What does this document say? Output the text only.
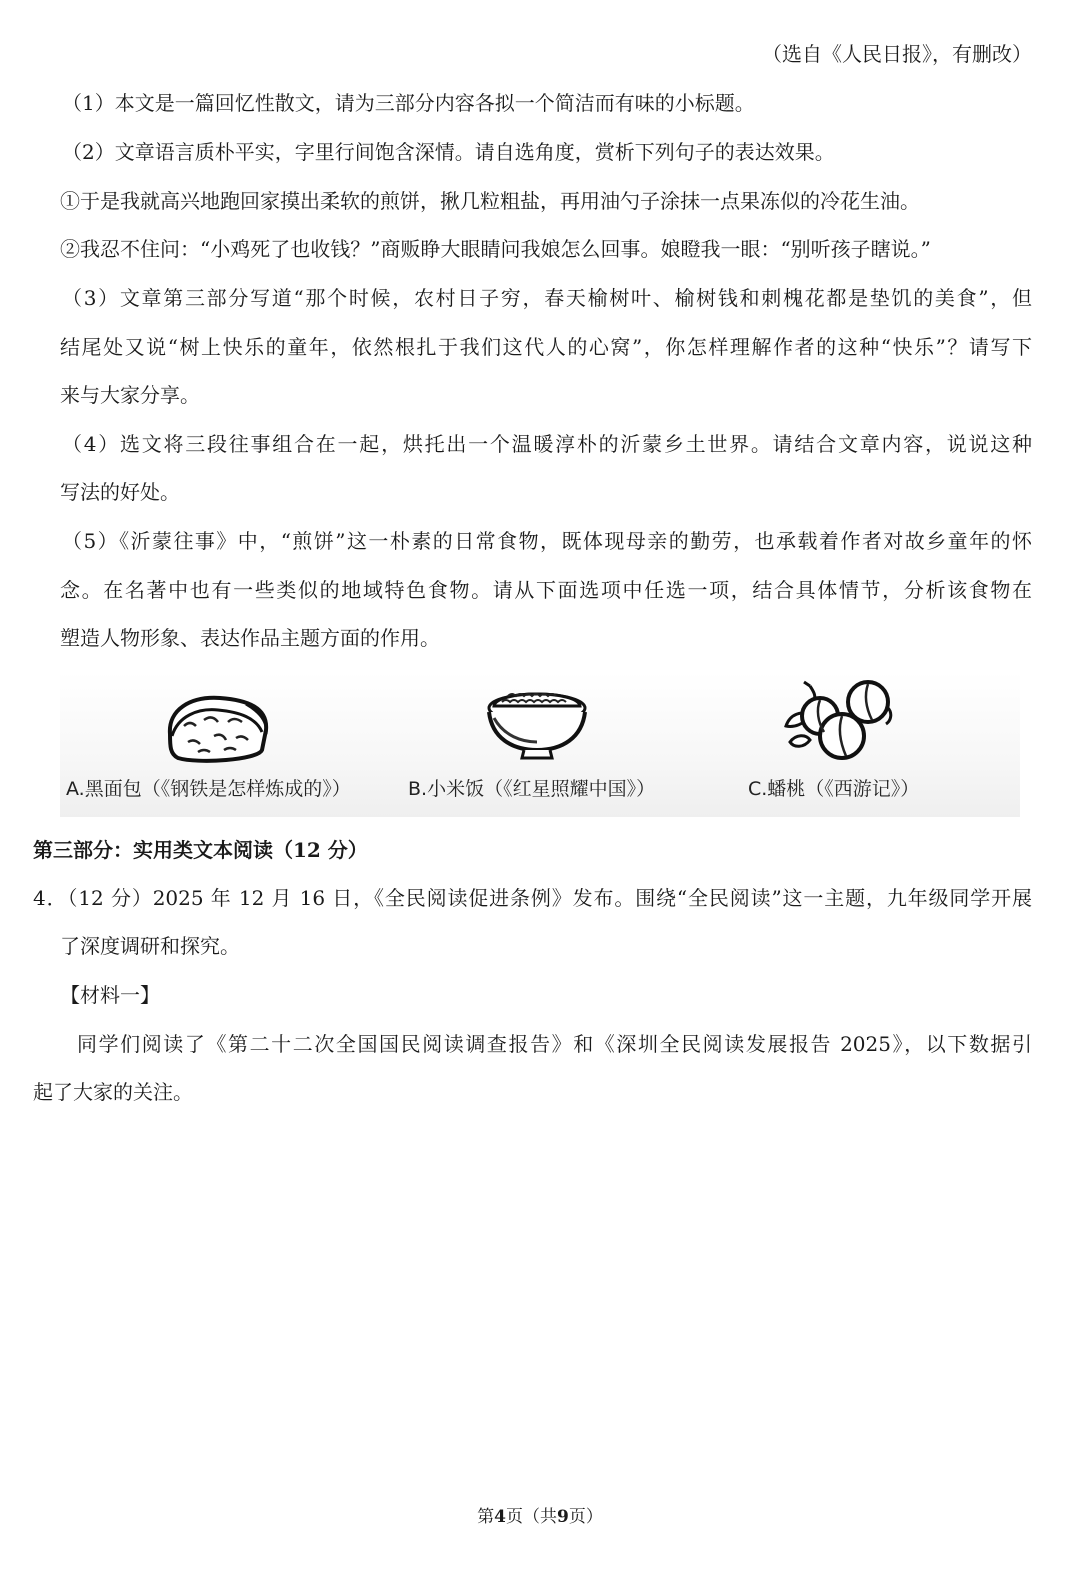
（选自《人民日报》，有删改）
（1）本文是一篇回忆性散文，请为三部分内容各拟一个简洁而有味的小标题。
（2）文章语言质朴平实，字里行间饱含深情。请自选角度，赏析下列句子的表达效果。
①于是我就高兴地跑回家摸出柔软的煎饼，揪几粒粗盐，再用油勺子涂抹一点果冻似的冷花生油。
②我忍不住问：“小鸡死了也收钱？”商贩睁大眼睛问我娘怎么回事。娘瞪我一眼：“别听孩子瞎说。”
（3）文章第三部分写道“那个时候，农村日子穷，春天榆树叶、榆树钱和刺槐花都是垫饥的美食”，但
结尾处又说“树上快乐的童年，依然根扎于我们这代人的心窝”，你怎样理解作者的这种“快乐”？请写下
来与大家分享。
（4）选文将三段往事组合在一起，烘托出一个温暖淳朴的沂蒙乡土世界。请结合文章内容，说说这种
写法的好处。
（5）《沂蒙往事》中，“煎饼”这一朴素的日常食物，既体现母亲的勤劳，也承载着作者对故乡童年的怀
念。在名著中也有一些类似的地域特色食物。请从下面选项中任选一项，结合具体情节，分析该食物在
塑造人物形象、表达作品主题方面的作用。
A.黑面包（《钢铁是怎样炼成的》）	B.小米饭（《红星照耀中国》）	C.蟠桃（《西游记》）
第三部分：实用类文本阅读（12 分）
4．（12 分）2025 年 12 月 16 日，《全民阅读促进条例》发布。围绕“全民阅读”这一主题，九年级同学开展
了深度调研和探究。
【材料一】
同学们阅读了《第二十二次全国国民阅读调查报告》和《深圳全民阅读发展报告 2025》，以下数据引
起了大家的关注。
第4页（共9页）
